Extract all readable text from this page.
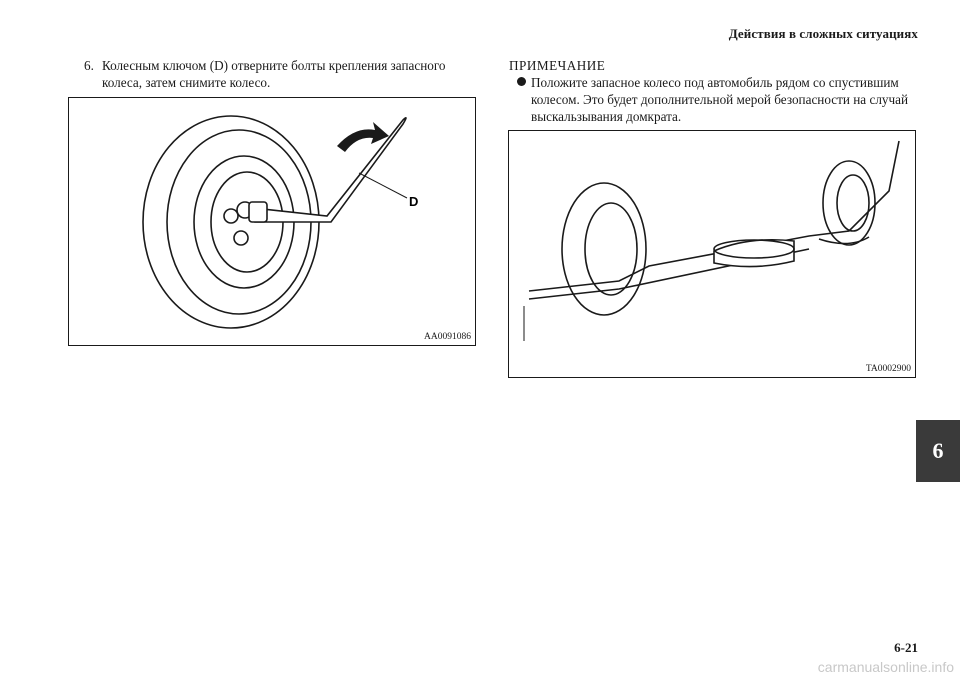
Действия в сложных ситуациях
6. Колесным ключом (D) отверните болты крепления запасного колеса, затем снимите колесо.
ПРИМЕЧАНИЕ
Положите запасное колесо под автомобиль рядом со спустившим колесом. Это будет дополнительной мерой безопасности на случай выскальзывания домкрата.
D
AA0091086
TA0002900
6
6-21
carmanualsonline.info
